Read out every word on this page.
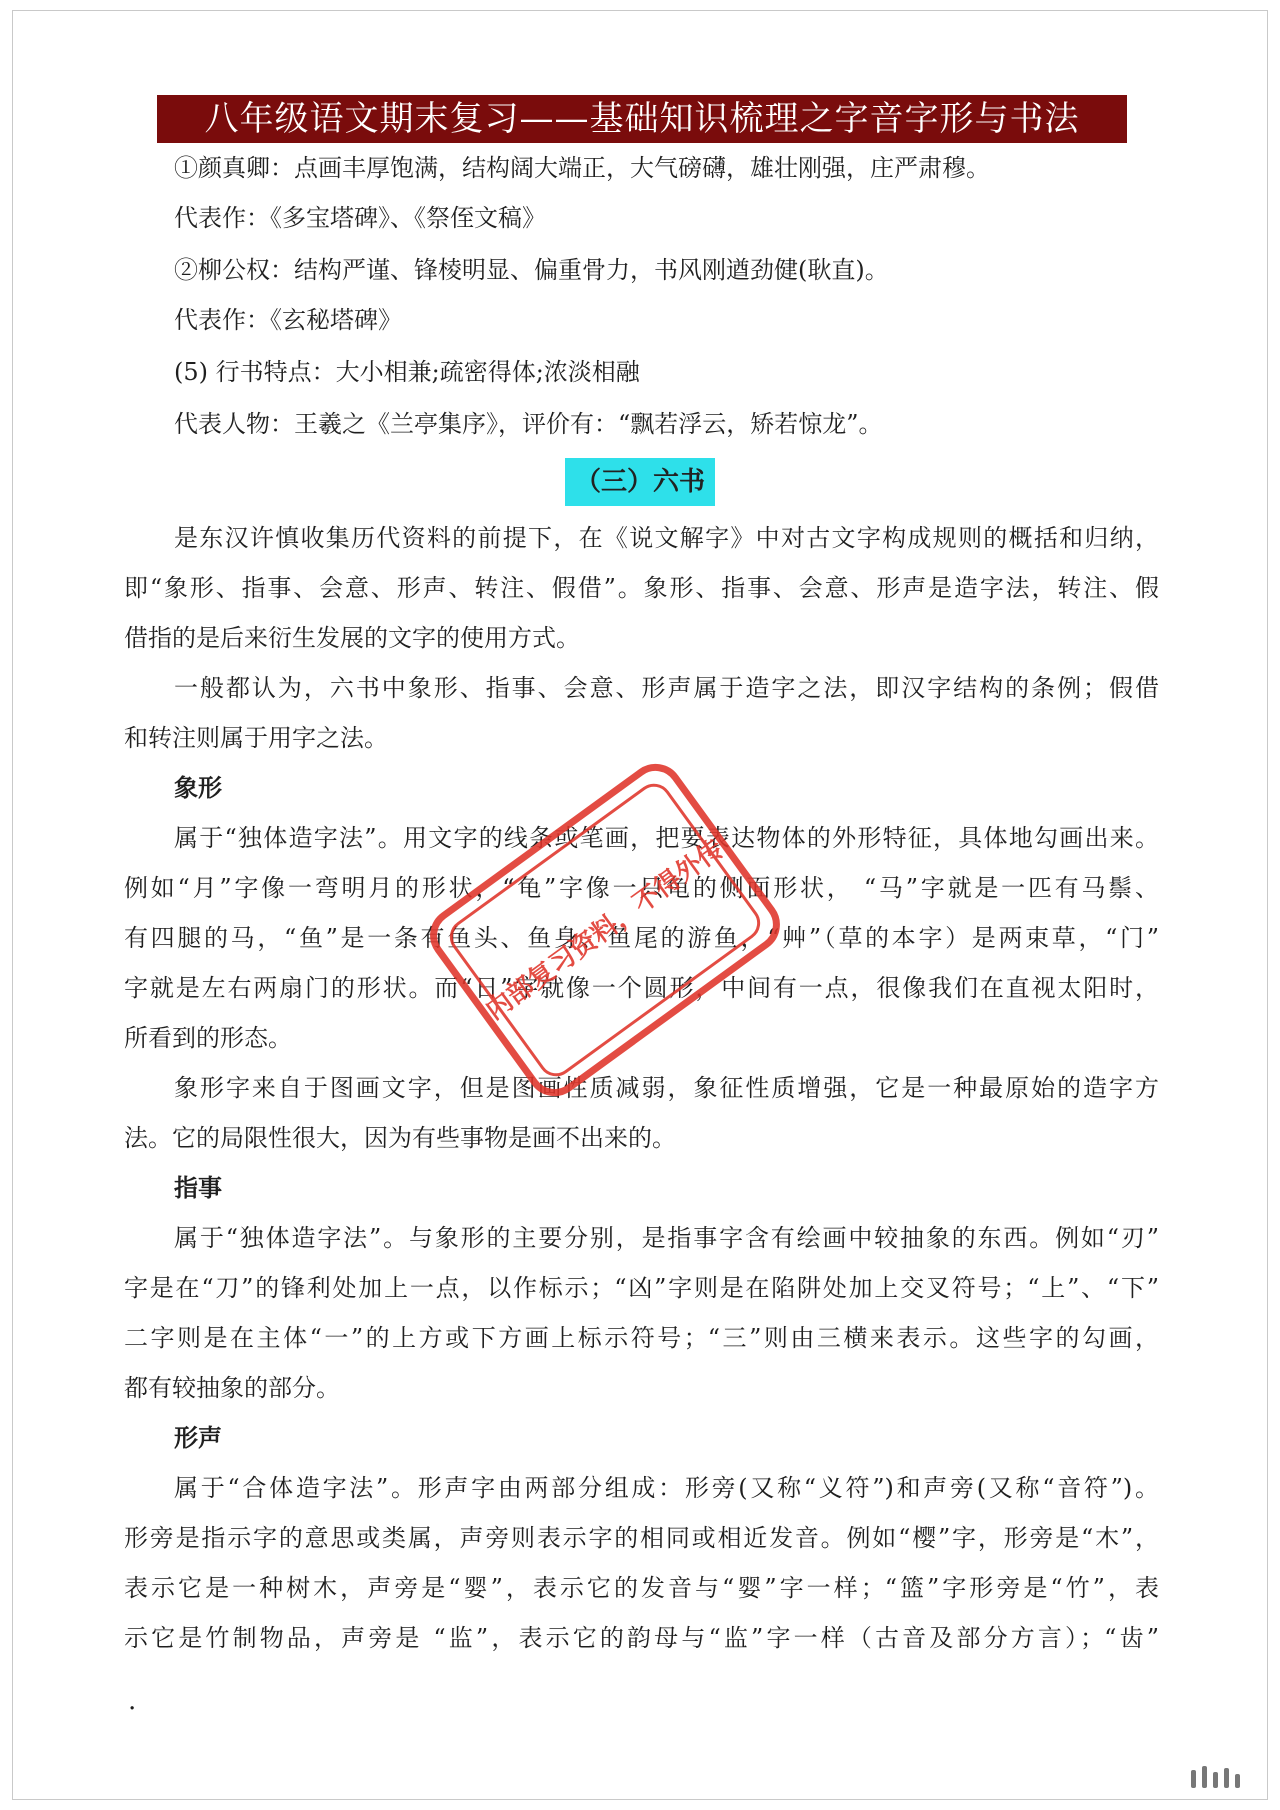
八年级语文期末复习——基础知识梳理之字音字形与书法
①颜真卿：点画丰厚饱满，结构阔大端正，大气磅礴，雄壮刚强，庄严肃穆。
代表作：《多宝塔碑》、《祭侄文稿》
②柳公权：结构严谨、锋棱明显、偏重骨力，书风刚遒劲健(耿直)。
代表作：《玄秘塔碑》
(5) 行书特点：大小相兼;疏密得体;浓淡相融
代表人物：王羲之《兰亭集序》，评价有：“飘若浮云，矫若惊龙”。
（三）六书
是东汉许慎收集历代资料的前提下，在《说文解字》中对古文字构成规则的概括和归纳，
即“象形、指事、会意、形声、转注、假借”。象形、指事、会意、形声是造字法，转注、假
借指的是后来衍生发展的文字的使用方式。
一般都认为，六书中象形、指事、会意、形声属于造字之法，即汉字结构的条例；假借
和转注则属于用字之法。
象形
属于“独体造字法”。用文字的线条或笔画，把要表达物体的外形特征，具体地勾画出来。
例如“月”字像一弯明月的形状，“龟”字像一只龟的侧面形状， “马”字就是一匹有马鬃、
有四腿的马，“鱼”是一条有鱼头、鱼身、鱼尾的游鱼，“艸”（草的本字）是两束草，“门”
字就是左右两扇门的形状。而“日”字就像一个圆形，中间有一点，很像我们在直视太阳时，
所看到的形态。
象形字来自于图画文字，但是图画性质减弱，象征性质增强，它是一种最原始的造字方
法。它的局限性很大，因为有些事物是画不出来的。
指事
属于“独体造字法”。与象形的主要分别，是指事字含有绘画中较抽象的东西。例如“刃”
字是在“刀”的锋利处加上一点，以作标示；“凶”字则是在陷阱处加上交叉符号；“上”、“下”
二字则是在主体“一”的上方或下方画上标示符号；“三”则由三横来表示。这些字的勾画，
都有较抽象的部分。
形声
属于“合体造字法”。形声字由两部分组成：形旁(又称“义符”)和声旁(又称“音符”)。
形旁是指示字的意思或类属，声旁则表示字的相同或相近发音。例如“樱”字，形旁是“木”，
表示它是一种树木，声旁是“婴”，表示它的发音与“婴”字一样；“篮”字形旁是“竹”，表
示它是竹制物品，声旁是 “监”，表示它的韵母与“监”字一样（古音及部分方言）；“齿”
.
内部复习资料，不得外传
